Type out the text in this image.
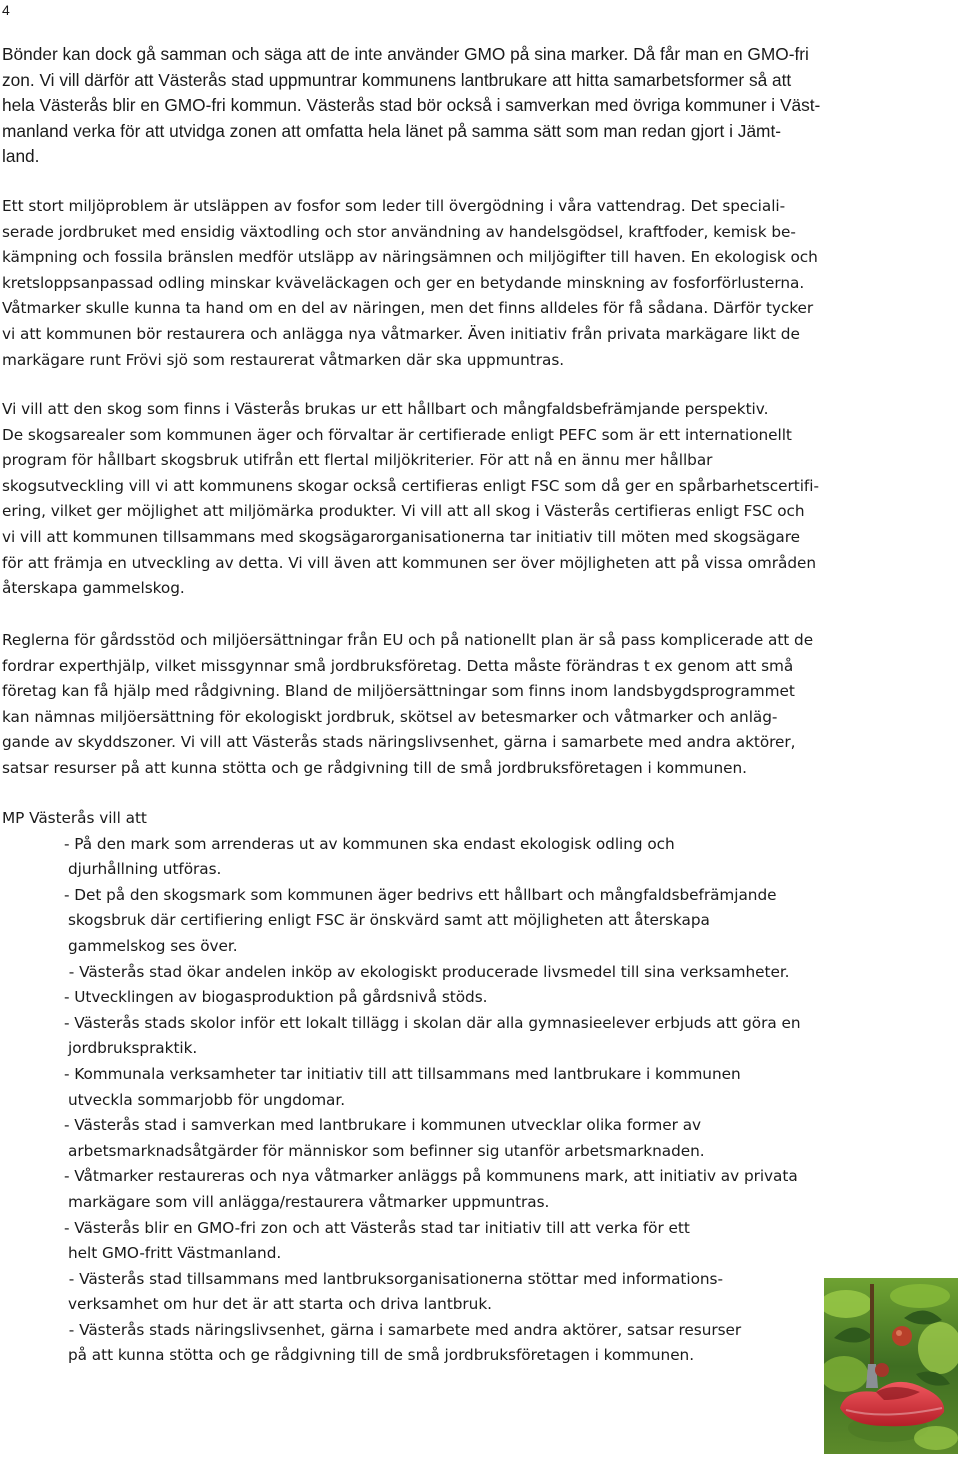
4

Bönder kan dock gå samman och säga att de inte använder GMO på sina marker. Då får man en GMO-fri
zon. Vi vill därför att Västerås stad uppmuntrar kommunens lantbrukare att hitta samarbetsformer så att
hela Västerås blir en GMO-fri kommun. Västerås stad bör också i samverkan med övriga kommuner i Väst-
manland verka för att utvidga zonen att omfatta hela länet på samma sätt som man redan gjort i Jämt-
land.

Ett stort miljöproblem är utsläppen av fosfor som leder till övergödning i våra vattendrag. Det speciali-
serade jordbruket med ensidig växtodling och stor användning av handelsgödsel, kraftfoder, kemisk be-
kämpning och fossila bränslen medför utsläpp av näringsämnen och miljögifter till haven. En ekologisk och
kretsloppsanpassad odling minskar kväveläckagen och ger en betydande minskning av fosforförlusterna.
Våtmarker skulle kunna ta hand om en del av näringen, men det finns alldeles för få sådana. Därför tycker
vi att kommunen bör restaurera och anlägga nya våtmarker. Även initiativ från privata markägare likt de
markägare runt Frövi sjö som restaurerat våtmarken där ska uppmuntras.

Vi vill att den skog som finns i Västerås brukas ur ett hållbart och mångfaldsbefrämjande perspektiv.
De skogsarealer som kommunen äger och förvaltar är certifierade enligt PEFC som är ett internationellt
program för hållbart skogsbruk utifrån ett flertal miljökriterier. För att nå en ännu mer hållbar
skogsutveckling vill vi att kommunens skogar också certifieras enligt FSC som då ger en spårbarhetscertifi-
ering, vilket ger möjlighet att miljömärka produkter. Vi vill att all skog i Västerås certifieras enligt FSC och
vi vill att kommunen tillsammans med skogsägarorganisationerna tar initiativ till möten med skogsägare
för att främja en utveckling av detta. Vi vill även att kommunen ser över möjligheten att på vissa områden
återskapa gammelskog.

Reglerna för gårdsstöd och miljöersättningar från EU och på nationellt plan är så pass komplicerade att de
fordrar experthjälp, vilket missgynnar små jordbruksföretag. Detta måste förändras t ex genom att små
företag kan få hjälp med rådgivning. Bland de miljöersättningar som finns inom landsbygdsprogrammet
kan nämnas miljöersättning för ekologiskt jordbruk, skötsel av betesmarker och våtmarker och anläg-
gande av skyddszoner. Vi vill att Västerås stads näringslivsenhet, gärna i samarbete med andra aktörer,
satsar resurser på att kunna stötta och ge rådgivning till de små jordbruksföretagen i kommunen.

MP Västerås vill att
- På den mark som arrenderas ut av kommunen ska endast ekologisk odling och
djurhållning utföras.
- Det på den skogsmark som kommunen äger bedrivs ett hållbart och mångfaldsbefrämjande
skogsbruk där certifiering enligt FSC är önskvärd samt att möjligheten att återskapa
gammelskog ses över.
- Västerås stad ökar andelen inköp av ekologiskt producerade livsmedel till sina verksamheter.
- Utvecklingen av biogasproduktion på gårdsnivå stöds.
- Västerås stads skolor inför ett lokalt tillägg i skolan där alla gymnasieelever erbjuds att göra en
jordbrukspraktik.
- Kommunala verksamheter tar initiativ till att tillsammans med lantbrukare i kommunen
utveckla sommarjobb för ungdomar.
- Västerås stad i samverkan med lantbrukare i kommunen utvecklar olika former av
arbetsmarknadsåtgärder för människor som befinner sig utanför arbetsmarknaden.
- Våtmarker restaureras och nya våtmarker anläggs på kommunens mark, att initiativ av privata
markägare som vill anlägga/restaurera våtmarker uppmuntras.
- Västerås blir en GMO-fri zon och att Västerås stad tar initiativ till att verka för ett
helt GMO-fritt Västmanland.
- Västerås stad tillsammans med lantbruksorganisationerna stöttar med informations-
verksamhet om hur det är att starta och driva lantbruk.
- Västerås stads näringslivsenhet, gärna i samarbete med andra aktörer, satsar resurser
på att kunna stötta och ge rådgivning till de små jordbruksföretagen i kommunen.
